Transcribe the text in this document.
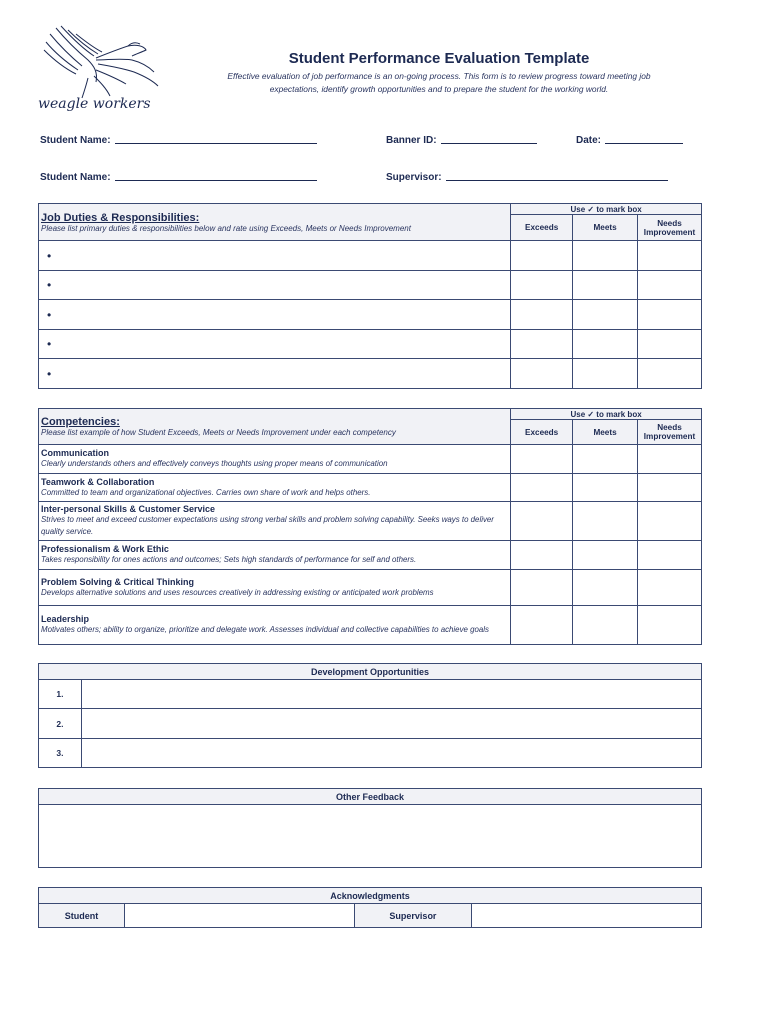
weagle workers
Student Performance Evaluation Template
Effective evaluation of job performance is an on-going process. This form is to review progress toward meeting job
expectations, identify growth opportunities and to prepare the student for the working world.
Student Name:	Banner ID:	Date:
Student Name:	Supervisor:
Job Duties & Responsibilities:
Please list primary duties & responsibilities below and rate using Exceeds, Meets or Needs Improvement	Use ✓ to mark box		
	Exceeds	Meets	Needs
Improvement
•			
•			
•			
•			
•			
Competencies:
Please list example of how Student Exceeds, Meets or Needs Improvement under each competency	Use ✓ to mark box		
	Exceeds	Meets	Needs
Improvement

Communication
Clearly understands others and effectively conveys thoughts using proper means of communication			

Teamwork & Collaboration
Committed to team and organizational objectives. Carries own share of work and helps others.			

Inter-personal Skills & Customer Service
Strives to meet and exceed customer expectations using strong verbal skills and problem solving capability. Seeks ways to deliver quality service.			

Professionalism & Work Ethic
Takes responsibility for ones actions and outcomes; Sets high standards of performance for self and others.			

Problem Solving & Critical Thinking
Develops alternative solutions and uses resources creatively in addressing existing or anticipated work problems			

Leadership
Motivates others; ability to organize, prioritize and delegate work. Assesses individual and collective capabilities to achieve goals			

Development Opportunities	
1.	
2.	
3.	
Other Feedback

Acknowledgments
Student		Supervisor	
